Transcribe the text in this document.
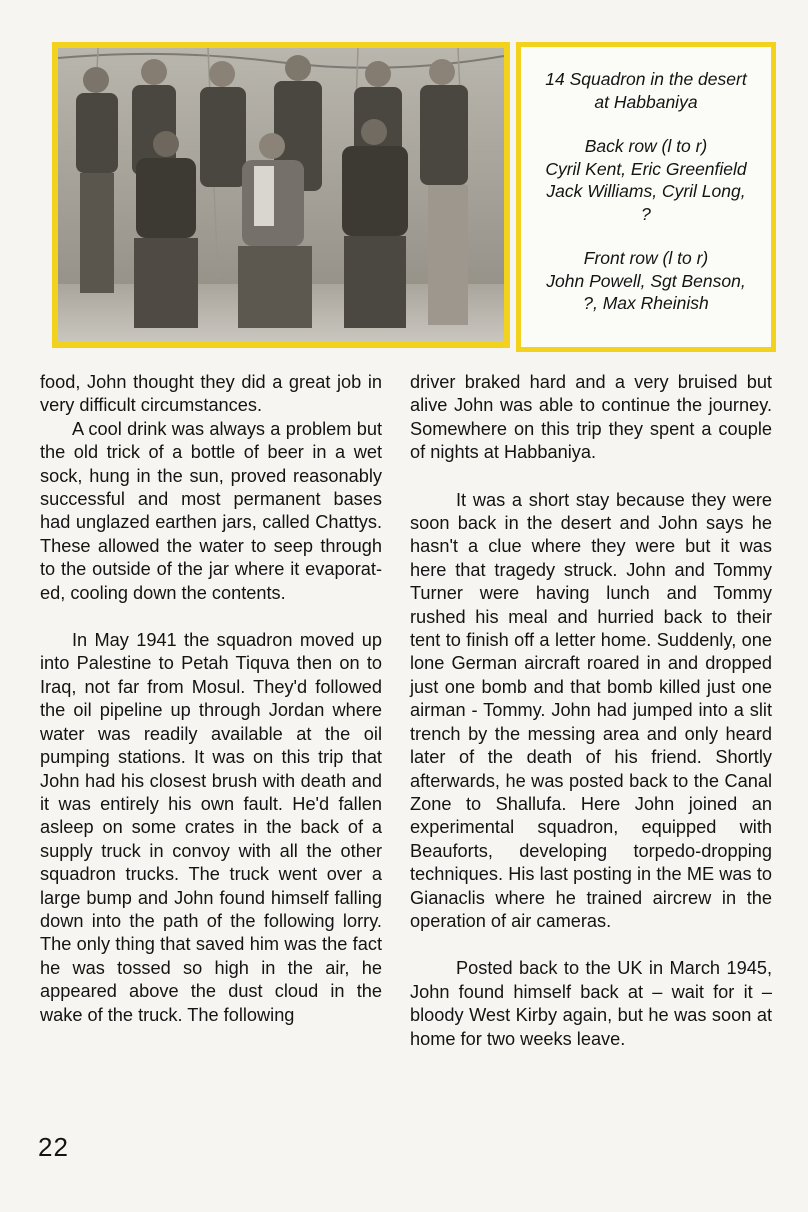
14 Squadron in the desert
at Habbaniya

Back row (l to r)

Cyril Kent, Eric Greenfield
Jack Williams, Cyril Long,
?

Front row (l to r)

John Powell, Sgt Benson,
?, Max Rheinish

food, John thought they did a great job in very difficult circumstances.

A cool drink was always a problem but the old trick of a bottle of beer in a wet sock, hung in the sun, proved reasonably successful and most permanent bases had unglazed earthen jars, called Chattys. These allowed the water to seep through to the outside of the jar where it evaporated, cooling down the contents.

In May 1941 the squadron moved up into Palestine to Petah Tiquva then on to Iraq, not far from Mosul. They'd followed the oil pipeline up through Jordan where water was readily available at the oil pumping stations. It was on this trip that John had his closest brush with death and it was entirely his own fault. He'd fallen asleep on some crates in the back of a supply truck in convoy with all the other squadron trucks. The truck went over a large bump and John found himself falling down into the path of the following lorry. The only thing that saved him was the fact he was tossed so high in the air, he appeared above the dust cloud in the wake of the truck. The following

driver braked hard and a very bruised but alive John was able to continue the journey. Somewhere on this trip they spent a couple of nights at Habbaniya.

It was a short stay because they were soon back in the desert and John says he hasn't a clue where they were but it was here that tragedy struck. John and Tommy Turner were having lunch and Tommy rushed his meal and hurried back to their tent to finish off a letter home. Suddenly, one lone German aircraft roared in and dropped just one bomb and that bomb killed just one airman - Tommy. John had jumped into a slit trench by the messing area and only heard later of the death of his friend. Shortly afterwards, he was posted back to the Canal Zone to Shallufa. Here John joined an experimental squadron, equipped with Beauforts, developing torpedo-dropping techniques. His last posting in the ME was to Gianaclis where he trained aircrew in the operation of air cameras.

Posted back to the UK in March 1945, John found himself back at – wait for it – bloody West Kirby again, but he was soon at home for two weeks leave.

22
